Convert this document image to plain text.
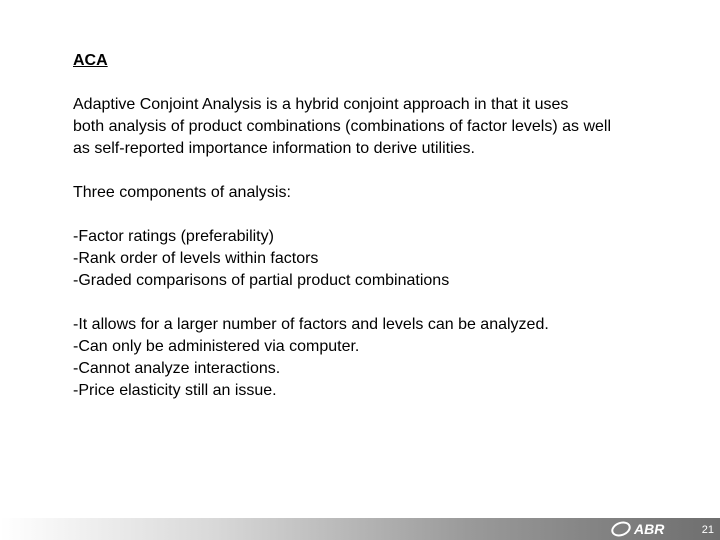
ACA
Adaptive Conjoint Analysis is a hybrid conjoint approach in that it uses
both analysis of product combinations (combinations of factor levels) as well
as self-reported importance information to derive utilities.
Three components of analysis:
-Factor ratings (preferability)
-Rank order of levels within factors
-Graded comparisons of partial product combinations
-It allows for a larger number of factors and levels can be analyzed.
-Can only be administered via computer.
-Cannot analyze interactions.
-Price elasticity still an issue.
ABR	21
